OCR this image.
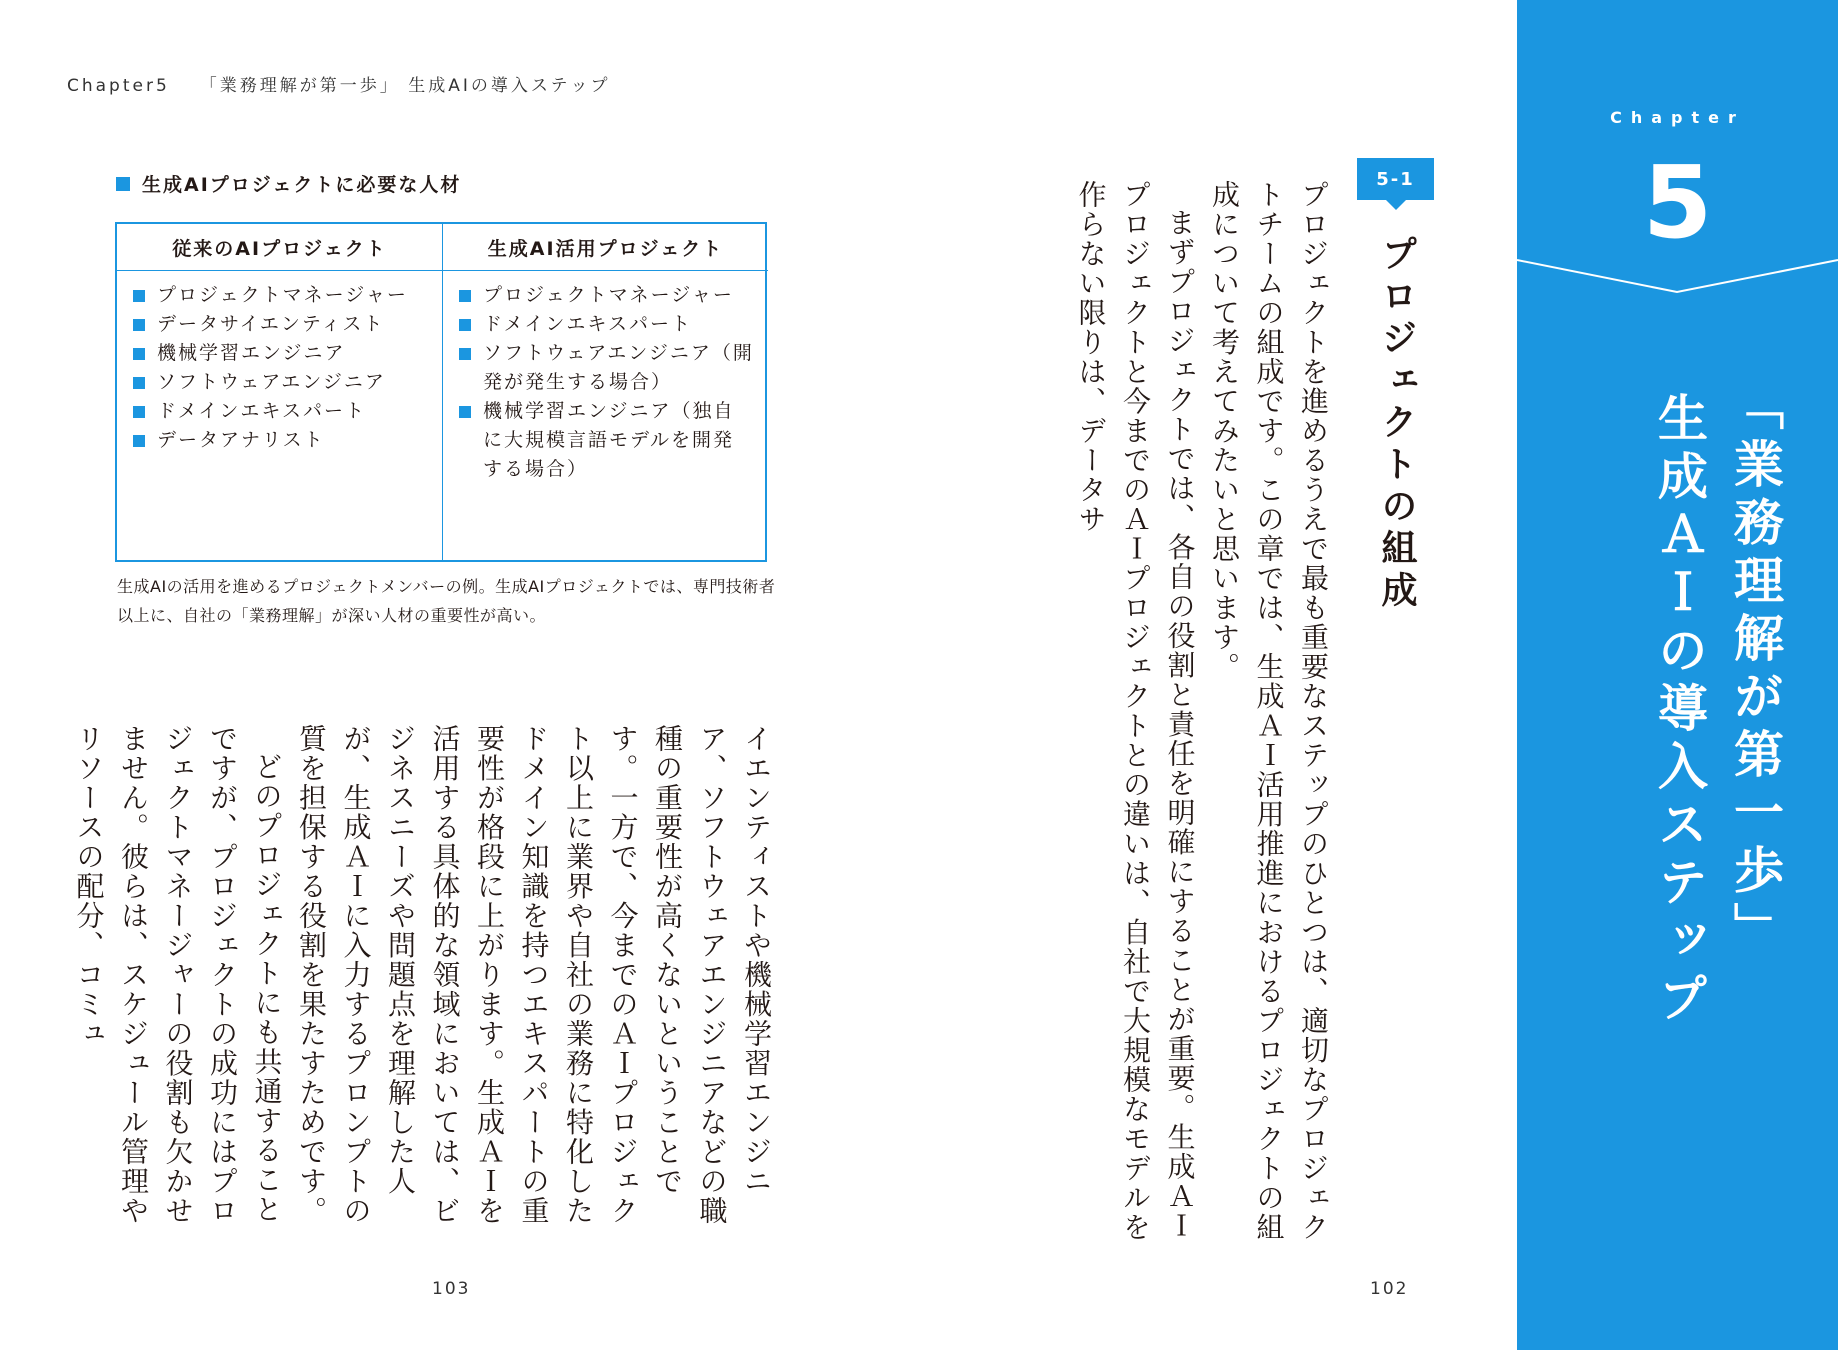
Chapter5 「業務理解が第一歩」 生成AIの導入ステップ
生成AIプロジェクトに必要な人材
従来のAIプロジェクト
プロジェクトマネージャー
データサイエンティスト
機械学習エンジニア
ソフトウェアエンジニア
ドメインエキスパート
データアナリスト
生成AI活用プロジェクト
プロジェクトマネージャー
ドメインエキスパート
ソフトウェアエンジニア（開発が発生する場合）
機械学習エンジニア（独自に大規模言語モデルを開発する場合）
生成AIの活用を進めるプロジェクトメンバーの例。生成AIプロジェクトでは、専門技術者以上に、自社の「業務理解」が深い人材の重要性が高い。

イエンティストや機械学習エンジニア、ソフトウェアエンジニアなどの職種の重要性が高くないということです。一方で、今までのＡＩプロジェクト以上に業界や自社の業務に特化したドメイン知識を持つエキスパートの重要性が格段に上がります。生成ＡＩを活用する具体的な領域においては、ビジネスニーズや問題点を理解した人が、生成ＡＩに入力するプロンプトの質を担保する役割を果たすためです。

どのプロジェクトにも共通することですが、プロジェクトの成功にはプロジェクトマネージャーの役割も欠かせません。彼らは、スケジュール管理やリソースの配分、コミュ

103
5-1
プロジェクトの組成

プロジェクトを進めるうえで最も重要なステップのひとつは、適切なプロジェクトチームの組成です。この章では、生成ＡＩ活用推進におけるプロジェクトの組成について考えてみたいと思います。

まずプロジェクトでは、各自の役割と責任を明確にすることが重要。生成ＡＩプロジェクトと今までのＡＩプロジェクトとの違いは、自社で大規模なモデルを作らない限りは、データサ

102
Chapter
5

「業務理解が第一歩」

生成ＡＩの導入ステップ
